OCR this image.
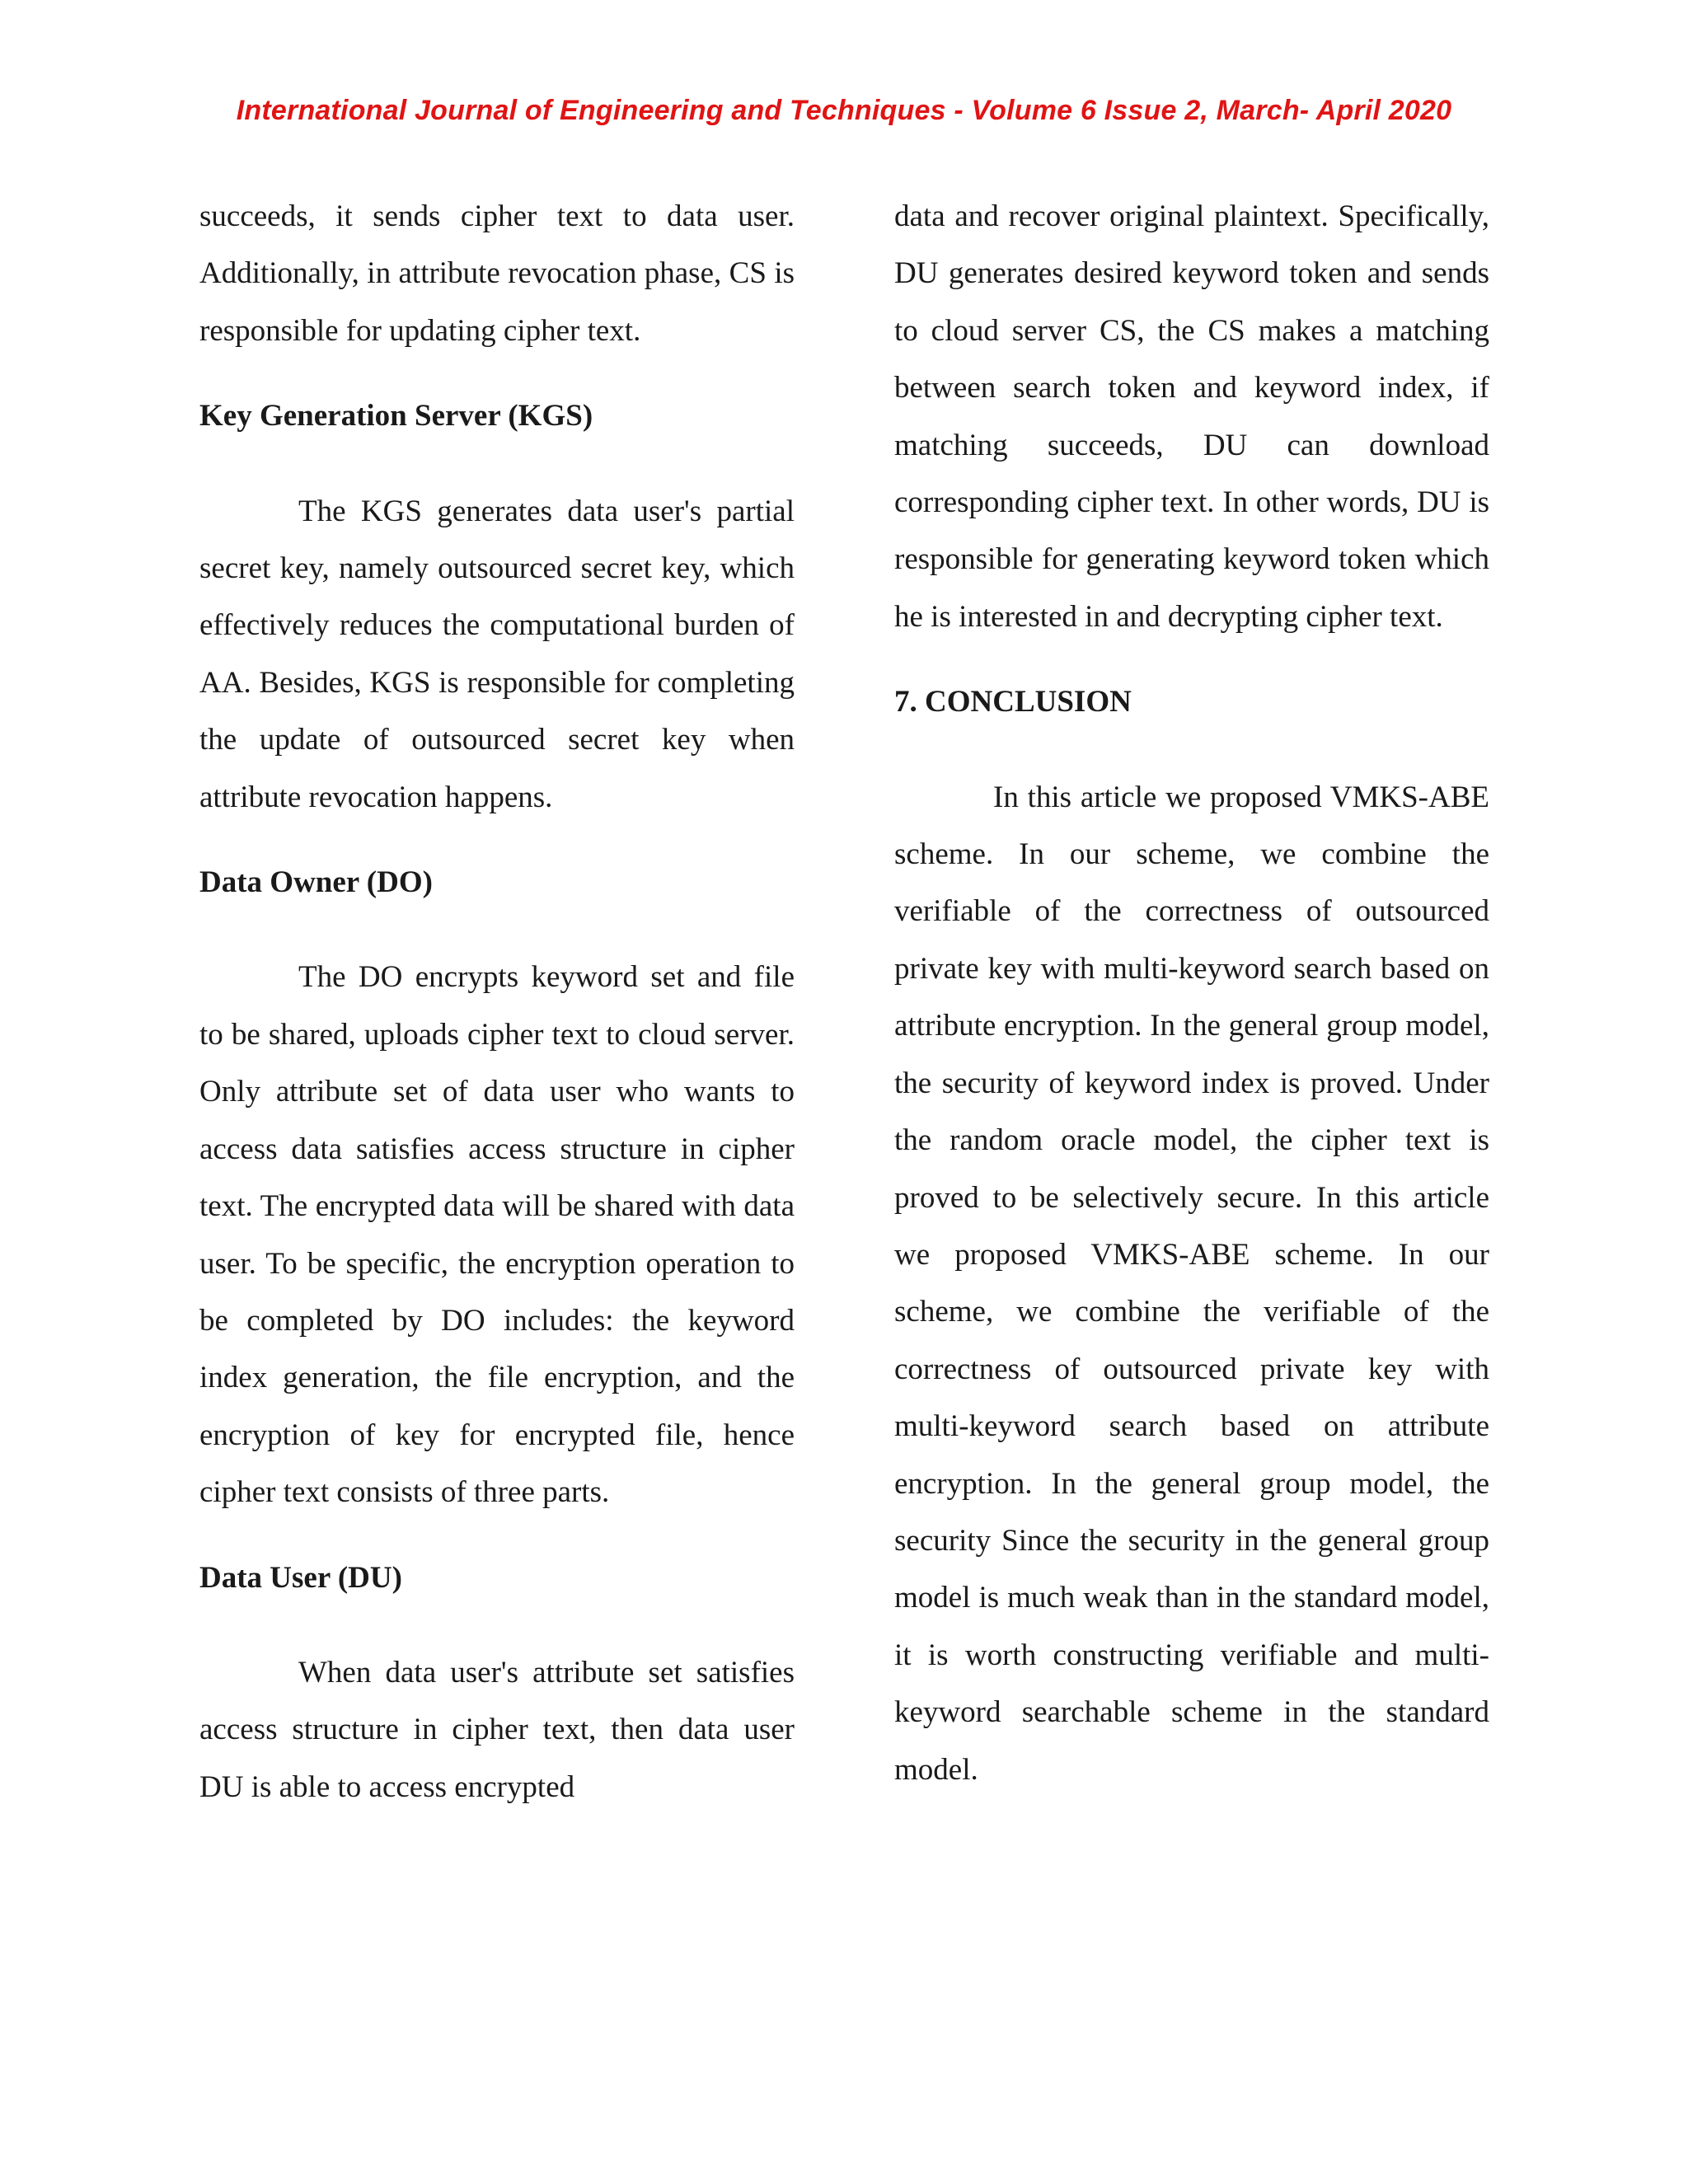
International Journal of Engineering and Techniques - Volume 6 Issue 2, March- April 2020

succeeds, it sends cipher text to data user. Additionally, in attribute revocation phase, CS is responsible for updating cipher text.

Key Generation Server (KGS)

The KGS generates data user's partial secret key, namely outsourced secret key, which effectively reduces the computational burden of AA. Besides, KGS is responsible for completing the update of outsourced secret key when attribute revocation happens.

Data Owner (DO)

The DO encrypts keyword set and file to be shared, uploads cipher text to cloud server. Only attribute set of data user who wants to access data satisfies access structure in cipher text. The encrypted data will be shared with data user. To be specific, the encryption operation to be completed by DO includes: the keyword index generation, the file encryption, and the encryption of key for encrypted file, hence cipher text consists of three parts.

Data User (DU)

When data user's attribute set satisfies access structure in cipher text, then data user DU is able to access encrypted

data and recover original plaintext. Specifically, DU generates desired keyword token and sends to cloud server CS, the CS makes a matching between search token and keyword index, if matching succeeds, DU can download corresponding cipher text. In other words, DU is responsible for generating keyword token which he is interested in and decrypting cipher text.

7. CONCLUSION

In this article we proposed VMKS-ABE scheme. In our scheme, we combine the verifiable of the correctness of outsourced private key with multi-keyword search based on attribute encryption. In the general group model, the security of keyword index is proved. Under the random oracle model, the cipher text is proved to be selectively secure. In this article we proposed VMKS-ABE scheme. In our scheme, we combine the verifiable of the correctness of outsourced private key with multi-keyword search based on attribute encryption. In the general group model, the security Since the security in the general group model is much weak than in the standard model, it is worth constructing verifiable and multi-keyword searchable scheme in the standard model.
